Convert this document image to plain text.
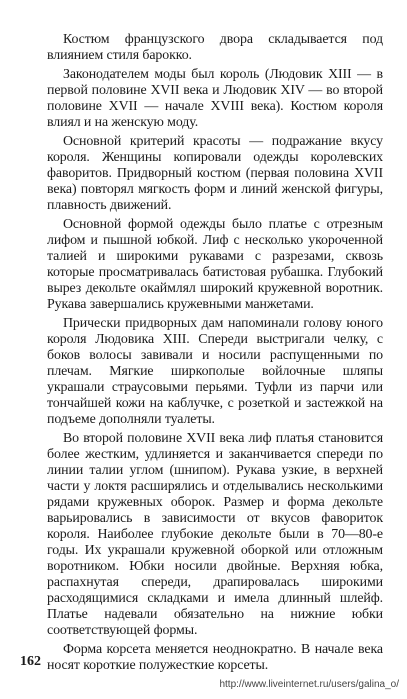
Костюм французского двора складывается под влиянием стиля барокко.

Законодателем моды был король (Людовик XIII — в первой половине XVII века и Людовик XIV — во второй половине XVII — начале XVIII века). Костюм короля влиял и на женскую моду.

Основной критерий красоты — подражание вкусу короля. Женщины копировали одежды королевских фаворитов. Придворный костюм (первая половина XVII века) повторял мягкость форм и линий женской фигуры, плавность движений.

Основной формой одежды было платье с отрезным лифом и пышной юбкой. Лиф с несколько укороченной талией и широкими рукавами с разрезами, сквозь которые просматривалась батистовая рубашка. Глубокий вырез декольте окаймлял широкий кружевной воротник. Рукава завершались кружевными манжетами.

Прически придворных дам напоминали голову юного короля Людовика XIII. Спереди выстригали челку, с боков волосы завивали и носили распущенными по плечам. Мягкие ширкополые войлочные шляпы украшали страусовыми перьями. Туфли из парчи или тончайшей кожи на каблучке, с розеткой и застежкой на подъеме дополняли туалеты.

Во второй половине XVII века лиф платья становится более жестким, удлиняется и заканчивается спереди по линии талии углом (шнипом). Рукава узкие, в верхней части у локтя расширялись и отделывались несколькими рядами кружевных оборок. Размер и форма декольте варьировались в зависимости от вкусов фавориток короля. Наиболее глубокие декольте были в 70—80-е годы. Их украшали кружевной оборкой или отложным воротником. Юбки носили двойные. Верхняя юбка, распахнутая спереди, драпировалась широкими расходящимися складками и имела длинный шлейф. Платье надевали обязательно на нижние юбки соответствующей формы.

Форма корсета меняется неоднократно. В начале века носят короткие полужесткие корсеты.

162
http://www.liveinternet.ru/users/galina_o/
